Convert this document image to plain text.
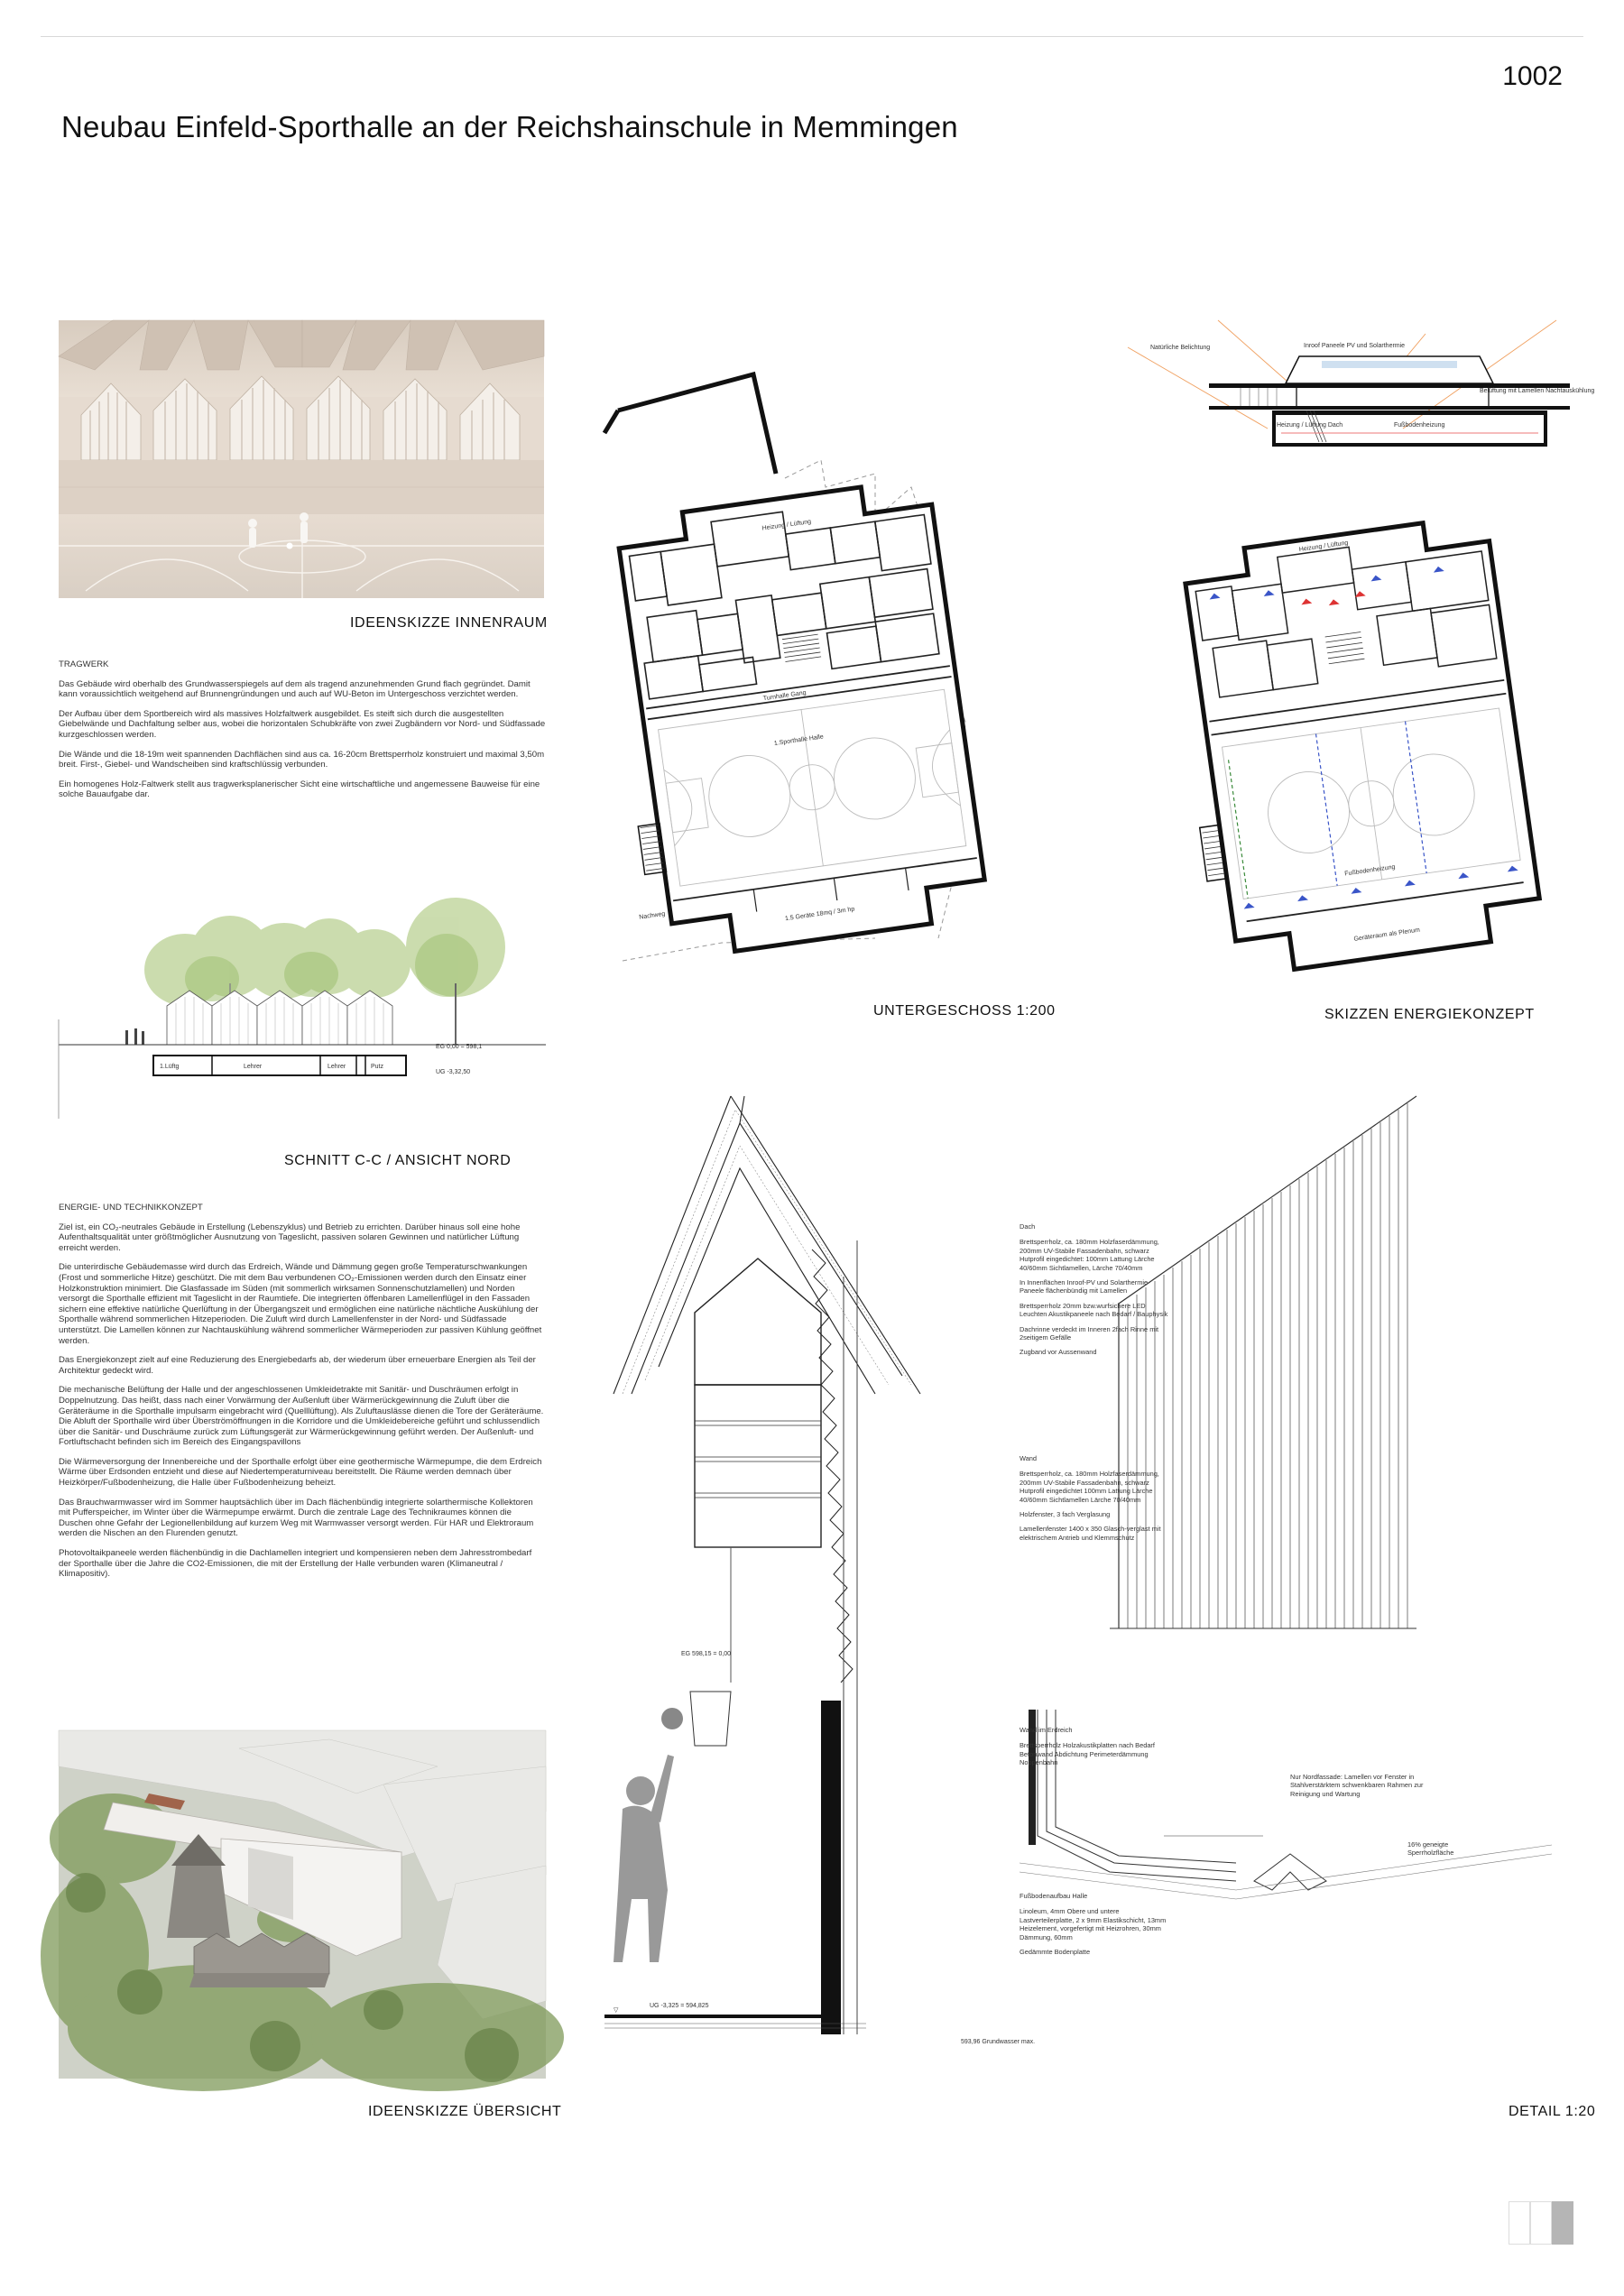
1002
Neubau Einfeld-Sporthalle an der Reichshainschule in Memmingen
IDEENSKIZZE INNENRAUM
TRAGWERK

Das Gebäude wird oberhalb des Grundwasserspiegels auf dem als tragend anzunehmenden Grund flach gegründet. Damit kann voraussichtlich weitgehend auf Brunnengründungen und auch auf WU-Beton im Untergeschoss verzichtet werden.

Der Aufbau über dem Sportbereich wird als massives Holzfaltwerk ausgebildet. Es steift sich durch die ausgestellten Giebelwände und Dachfaltung selber aus, wobei die horizontalen Schubkräfte von zwei Zugbändern vor Nord- und Südfassade kurzgeschlossen werden.

Die Wände und die 18-19m weit spannenden Dachflächen sind aus ca. 16-20cm Brettsperrholz konstruiert und maximal 3,50m breit. First-, Giebel- und Wandscheiben sind kraftschlüssig verbunden.

Ein homogenes Holz-Faltwerk stellt aus tragwerksplanerischer Sicht eine wirtschaftliche und angemessene Bauweise für eine solche Bauaufgabe dar.

1.Lüftg	Lehrer	Lehrer	Putz
EG 0,00 = 598,1
UG -3,32,50
SCHNITT C-C / ANSICHT NORD
ENERGIE- UND TECHNIKKONZEPT

Ziel ist, ein CO₂-neutrales Gebäude in Erstellung (Lebenszyklus) und Betrieb zu errichten. Darüber hinaus soll eine hohe Aufenthaltsqualität unter größtmöglicher Ausnutzung von Tageslicht, passiven solaren Gewinnen und natürlicher Lüftung erreicht werden.

Die unterirdische Gebäudemasse wird durch das Erdreich, Wände und Dämmung gegen große Temperaturschwankungen (Frost und sommerliche Hitze) geschützt. Die mit dem Bau verbundenen CO₂-Emissionen werden durch den Einsatz einer Holzkonstruktion minimiert. Die Glasfassade im Süden (mit sommerlich wirksamen Sonnenschutzlamellen) und Norden versorgt die Sporthalle effizient mit Tageslicht in der Raumtiefe. Die integrierten öffenbaren Lamellenflügel in den Fassaden sichern eine effektive natürliche Querlüftung in der Übergangszeit und ermöglichen eine natürliche nächtliche Auskühlung der Sporthalle während sommerlichen Hitzeperioden. Die Zuluft wird durch Lamellenfenster in der Nord- und Südfassade unterstützt. Die Lamellen können zur Nachtauskühlung während sommerlicher Wärmeperioden zur passiven Kühlung geöffnet werden.

Das Energiekonzept zielt auf eine Reduzierung des Energiebedarfs ab, der wiederum über erneuerbare Energien als Teil der Architektur gedeckt wird.

Die mechanische Belüftung der Halle und der angeschlossenen Umkleidetrakte mit Sanitär- und Duschräumen erfolgt in Doppelnutzung. Das heißt, dass nach einer Vorwärmung der Außenluft über Wärmerückgewinnung die Zuluft über die Geräteräume in die Sporthalle impulsarm eingebracht wird (Quelllüftung). Als Zuluftauslässe dienen die Tore der Geräteräume. Die Abluft der Sporthalle wird über Überströmöffnungen in die Korridore und die Umkleidebereiche geführt und schlussendlich über die Sanitär- und Duschräume zurück zum Lüftungsgerät zur Wärmerückgewinnung geführt werden. Der Außenluft- und Fortluftschacht befinden sich im Bereich des Eingangspavillons

Die Wärmeversorgung der Innenbereiche und der Sporthalle erfolgt über eine geothermische Wärmepumpe, die dem Erdreich Wärme über Erdsonden entzieht und diese auf Niedertemperaturniveau bereitstellt. Die Räume werden demnach über Heizkörper/Fußbodenheizung, die Halle über Fußbodenheizung beheizt.

Das Brauchwarmwasser wird im Sommer hauptsächlich über im Dach flächenbündig integrierte solarthermische Kollektoren mit Pufferspeicher, im Winter über die Wärmepumpe erwärmt. Durch die zentrale Lage des Technikraumes können die Duschen ohne Gefahr der Legionellenbildung auf kurzem Weg mit Warmwasser versorgt werden. Für HAR und Elektroraum werden die Nischen an den Flurenden genutzt.

Photovoltaikpaneele werden flächenbündig in die Dachlamellen integriert und kompensieren neben dem Jahresstrombedarf der Sporthalle über die Jahre die CO2-Emissionen, die mit der Erstellung der Halle verbunden waren (Klimaneutral / Klimapositiv).

IDEENSKIZZE ÜBERSICHT
Turnhalle Gang
1.Sporthalle Halle
1.5 Geräte 18mq / 3m hp
Heizung / Lüftung
Nachweg
UNTERGESCHOSS 1:200
Natürliche Belichtung	Inroof Paneele PV und Solarthermie
Belüftung mit Lamellen Nachtauskühlung
Heizung / Lüftung Dach	Fußbodenheizung
Fußbodenheizung
Geräteraum als Plenum
Heizung / Lüftung
SKIZZEN ENERGIEKONZEPT
UG -3,325 = 594,825
▽
EG 598,15 = 0,00
593,96 Grundwasser max.
Dach

Brettsperrholz, ca. 180mm Holzfaserdämmung, 200mm UV-Stabile Fassadenbahn, schwarz Hutprofil eingedichtet: 100mm Lattung Lärche 40/60mm Sichtlamellen, Lärche 70/40mm

In Innenflächen Inroof-PV und Solarthermie-Paneele flächenbündig mit Lamellen

Brettsperrholz 20mm bzw.wurfsichere LED Leuchten Akustikpaneele nach Bedarf / Bauphysik

Dachrinne verdeckt im Inneren 2fach Rinne mit 2seitigem Gefälle

Zugband vor Aussenwand

Wand

Brettsperrholz, ca. 180mm Holzfaserdämmung, 200mm UV-Stabile Fassadenbahn, schwarz Hutprofil eingedichtet 100mm Lattung Lärche 40/60mm Sichtlamellen Lärche 70/40mm

Holzfenster, 3 fach Verglasung

Lamellenfenster 1400 x 350 Glasch-verglast mit elektrischem Antrieb und Klemmschutz

Wand im Erdreich

Brettsperrholz Holzakustikplatten nach Bedarf Betonwand Abdichtung Perimeterdämmung Noppenbahn

Fußbodenaufbau Halle

Linoleum, 4mm Obere und untere Lastverteilerplatte, 2 x 9mm Elastikschicht, 13mm Heizelement, vorgefertigt mit Heizrohren, 30mm Dämmung, 60mm

Gedämmte Bodenplatte

Nur Nordfassade: Lamellen vor Fenster in Stahlverstärktem schwenkbaren Rahmen zur Reinigung und Wartung

16% geneigte Sperrholzfläche

DETAIL 1:20
